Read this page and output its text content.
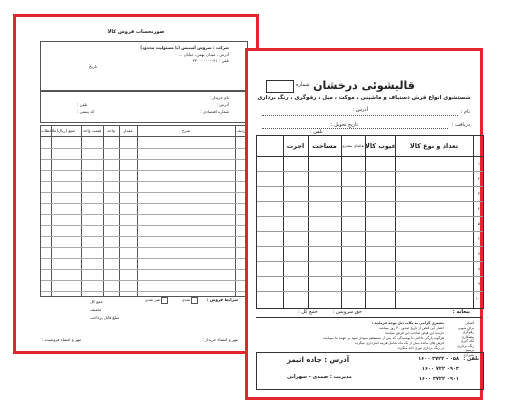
صورتحساب فروش کالا
شرکت : سروش آمیتیس (با مسئولیت محدود)
آدرس : میدان بهمن، خیابان ...
تلفن : ۰۲۱-۳۳۰۰۰۰۰۰
تاریخ
نام خریدار :
آدرس :
شماره اقتصادی :
تلفن :
کد پستی :
ردیف
شرح
مقدار
واحد
قیمت واحد
جمع (ریال)
ملاحظات
شرایط فروش :
نقدی
غیر نقدی
جمع کل
تخفیف
مبلغ قابل پرداخت
مهر و امضاء فروشنده :	مهر و امضاء خریدار :
شماره قالیشوئی درخشان
شستشوی انواع فرش دستباف و ماشینی ، موکت ، مبل ، رفوگری ، رنگ برداری
نام :
آدرس :
دریافت :
تاریخ تحویل :
تلفن :
تعداد و نوع کالا
عیوب کالا
تقاضای مشتری
مساحت
اجرت
۱
۲
۳
۴
۵
۶
۷
۸
۹
۱۰
بیعانه :
حق سرویس :
جمع کل :
مشتری گرامی به نکات ذیل توجه فرمایید :
اعتبار این قبض از تاریخ صدور ۳۰ روز میباشد
دارنده این قبض صاحب این فرش میباشد
هرگونه پارگی داخلی یا پوسیدگی که پس از شستشو نمودار شود بر عهده ما نمیباشد
فرش های مانده بیش از یک ماه شامل هزینه انبارداری میگردد
در رنگ برداری نوری اخذ میگردد
آنتیکی
براق شویی
رفوگری
پیشکاری
لکه گیری
رنگ برداری
ترمیم
شیرازه
تلفن :
۰۵۸ - ۳۷۲۲ ۱۶۰۰
۰۹۰۳ ۷۲۲ ۱۶۰۰
۰۹۰۱ ۳۷۲۲ ۱۶۰۰
آدرس : جاده اتیمز
مدیریت : صمدی - سهرابی
